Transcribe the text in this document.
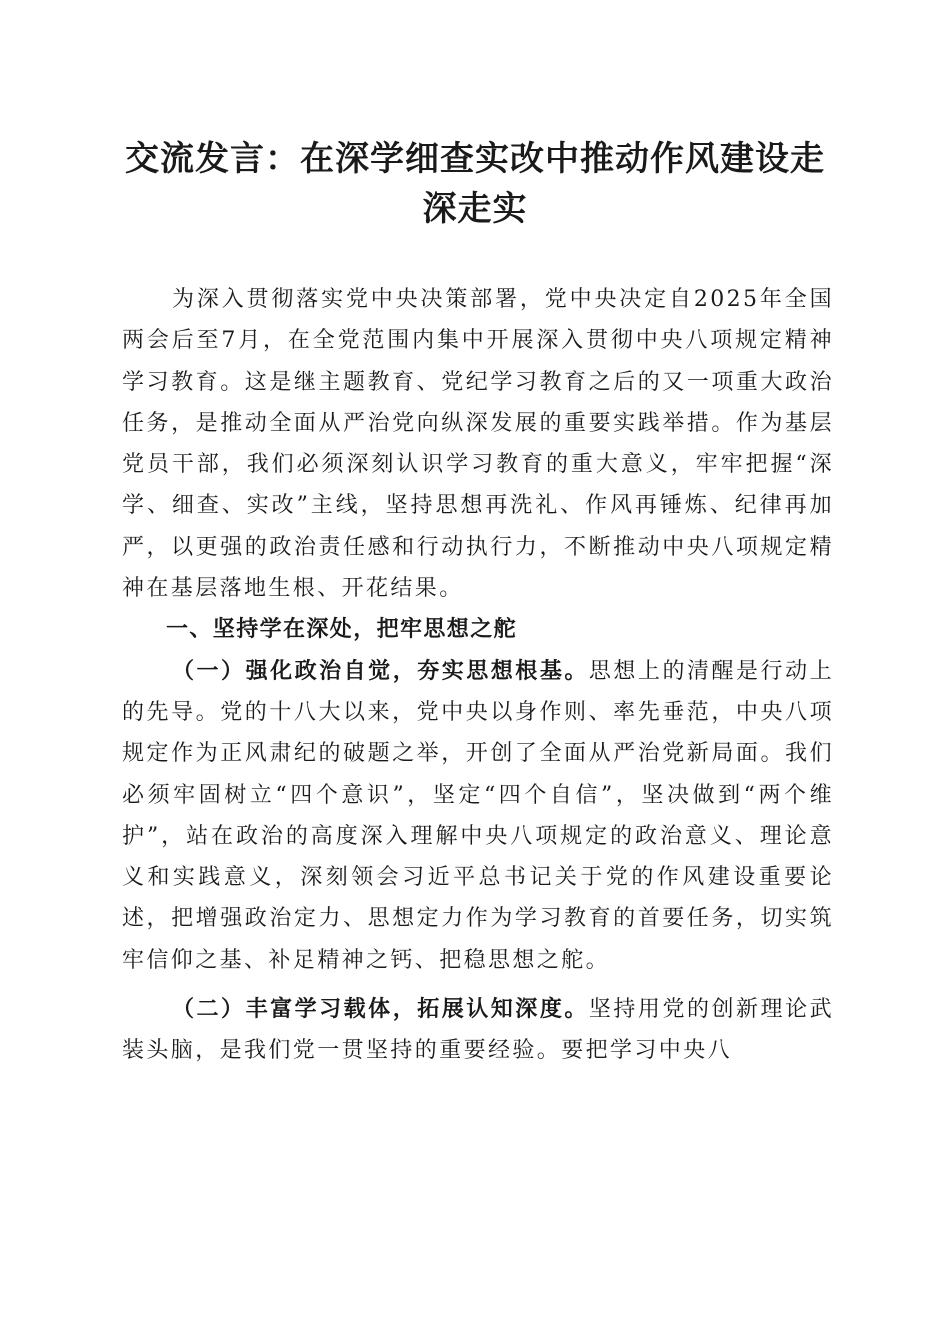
交流发言：在深学细查实改中推动作风建设走
深走实

为深入贯彻落实党中央决策部署，党中央决定自2025年全国两会后至7月，在全党范围内集中开展深入贯彻中央八项规定精神学习教育。这是继主题教育、党纪学习教育之后的又一项重大政治任务，是推动全面从严治党向纵深发展的重要实践举措。作为基层党员干部，我们必须深刻认识学习教育的重大意义，牢牢把握“深学、细查、实改”主线，坚持思想再洗礼、作风再锤炼、纪律再加严，以更强的政治责任感和行动执行力，不断推动中央八项规定精神在基层落地生根、开花结果。

一、坚持学在深处，把牢思想之舵

（一）强化政治自觉，夯实思想根基。思想上的清醒是行动上的先导。党的十八大以来，党中央以身作则、率先垂范，中央八项规定作为正风肃纪的破题之举，开创了全面从严治党新局面。我们必须牢固树立“四个意识”，坚定“四个自信”，坚决做到“两个维护”，站在政治的高度深入理解中央八项规定的政治意义、理论意义和实践意义，深刻领会习近平总书记关于党的作风建设重要论述，把增强政治定力、思想定力作为学习教育的首要任务，切实筑牢信仰之基、补足精神之钙、把稳思想之舵。

（二）丰富学习载体，拓展认知深度。坚持用党的创新理论武装头脑，是我们党一贯坚持的重要经验。要把学习中央八
